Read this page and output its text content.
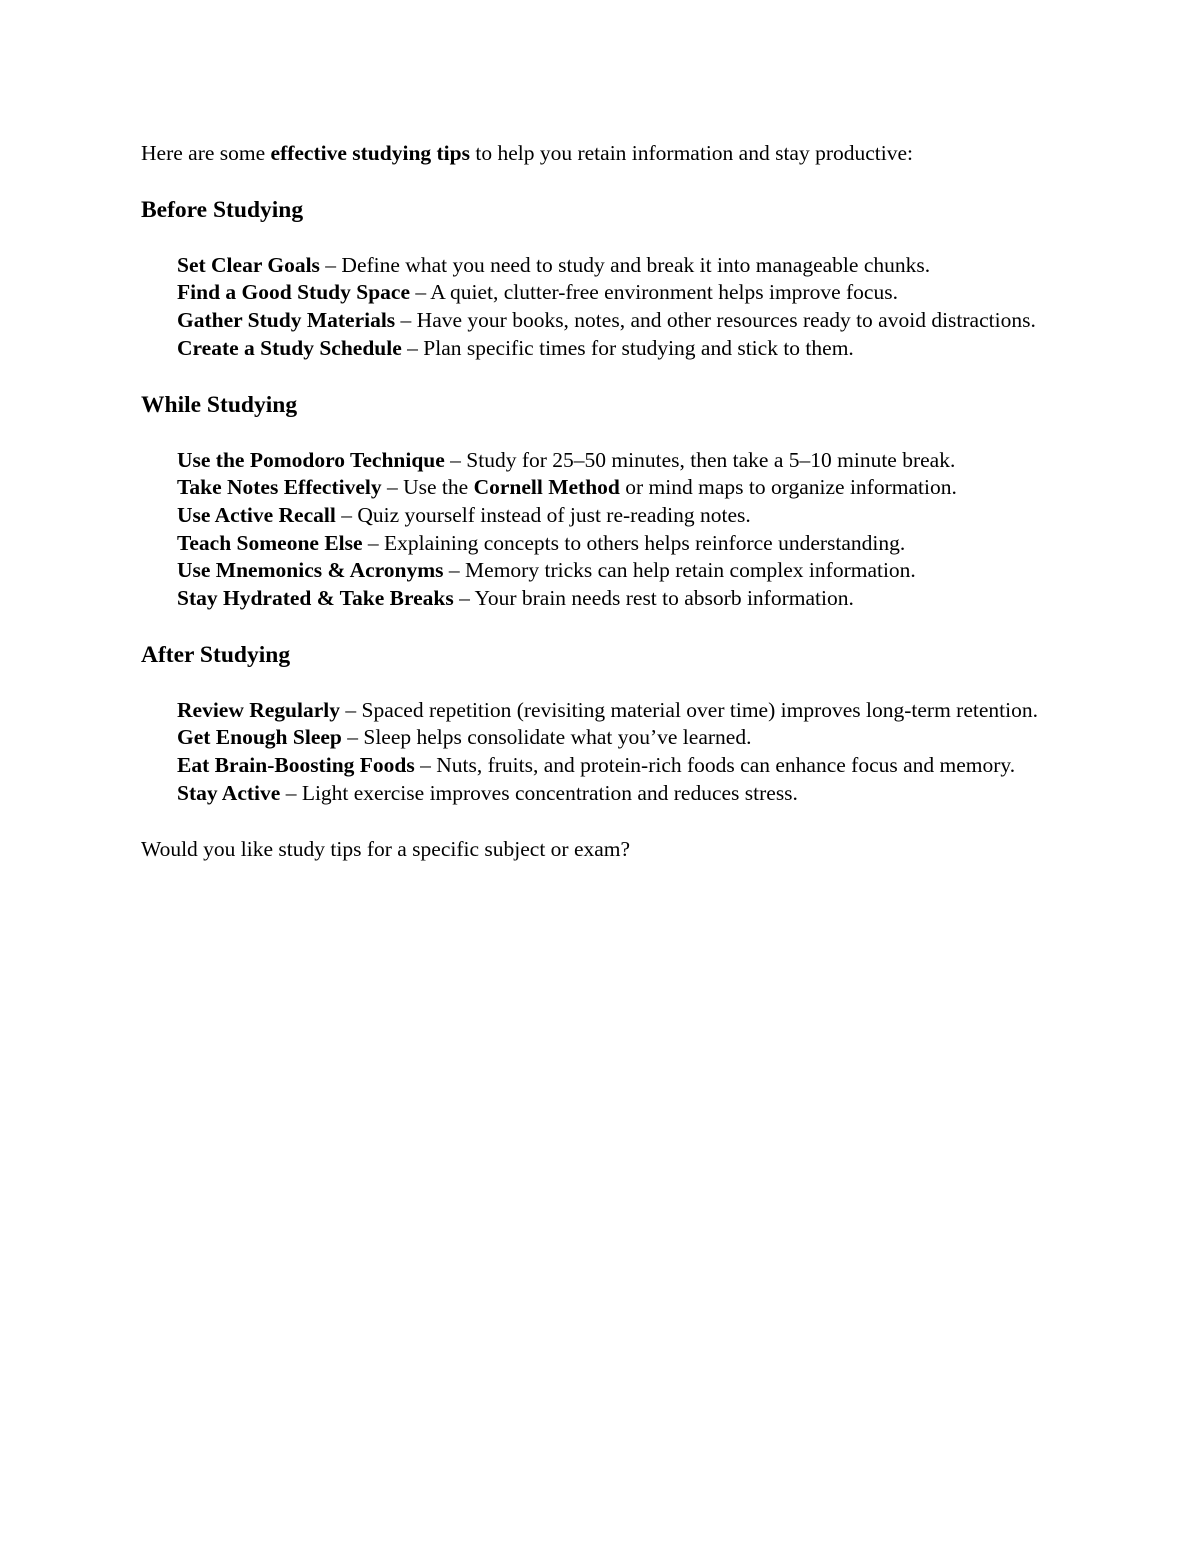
Here are some effective studying tips to help you retain information and stay productive:

Before Studying

Set Clear Goals – Define what you need to study and break it into manageable chunks.

Find a Good Study Space – A quiet, clutter-free environment helps improve focus.

Gather Study Materials – Have your books, notes, and other resources ready to avoid distractions.

Create a Study Schedule – Plan specific times for studying and stick to them.

While Studying

Use the Pomodoro Technique – Study for 25–50 minutes, then take a 5–10 minute break.

Take Notes Effectively – Use the Cornell Method or mind maps to organize information.

Use Active Recall – Quiz yourself instead of just re-reading notes.

Teach Someone Else – Explaining concepts to others helps reinforce understanding.

Use Mnemonics & Acronyms – Memory tricks can help retain complex information.

Stay Hydrated & Take Breaks – Your brain needs rest to absorb information.

After Studying

Review Regularly – Spaced repetition (revisiting material over time) improves long-term retention.

Get Enough Sleep – Sleep helps consolidate what you’ve learned.

Eat Brain-Boosting Foods – Nuts, fruits, and protein-rich foods can enhance focus and memory.

Stay Active – Light exercise improves concentration and reduces stress.

Would you like study tips for a specific subject or exam?
